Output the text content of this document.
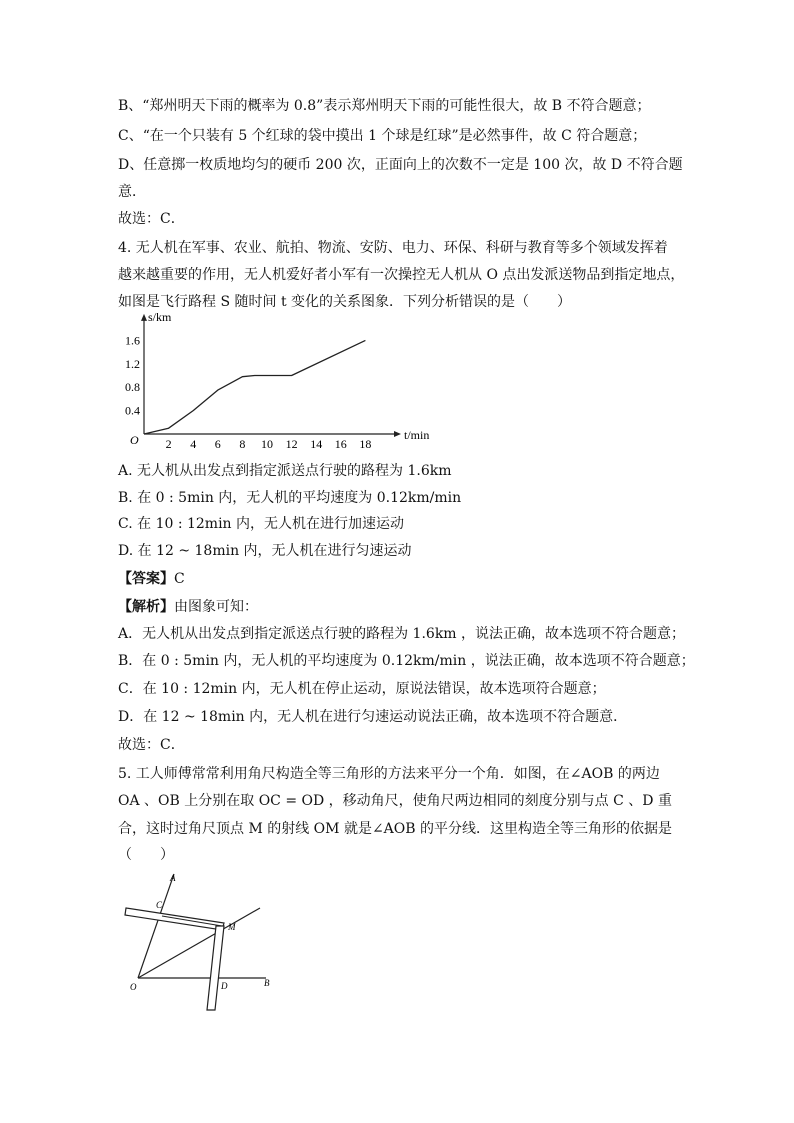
B、“郑州明天下雨的概率为 0.8”表示郑州明天下雨的可能性很大，故 B 不符合题意；
C、“在一个只装有 5 个红球的袋中摸出 1 个球是红球”是必然事件，故 C 符合题意；
D、任意掷一枚质地均匀的硬币 200 次，正面向上的次数不一定是 100 次，故 D 不符合题
意．
故选：C．
4. 无人机在军事、农业、航拍、物流、安防、电力、环保、科研与教育等多个领域发挥着
越来越重要的作用，无人机爱好者小军有一次操控无人机从 O 点出发派送物品到指定地点，
如图是飞行路程 S 随时间 t 变化的关系图象．下列分析错误的是（　　）
O
s/km
t/min
2 4 6 8 10 12 14 16 18
0.4
0.8
1.2
1.6
A. 无人机从出发点到指定派送点行驶的路程为 1.6km
B. 在 0 : 5min 内，无人机的平均速度为 0.12km/min
C. 在 10 : 12min 内，无人机在进行加速运动
D. 在 12 ~ 18min 内，无人机在进行匀速运动
【答案】C
【解析】由图象可知：
A．无人机从出发点到指定派送点行驶的路程为 1.6km ，说法正确，故本选项不符合题意；
B．在 0 : 5min 内，无人机的平均速度为 0.12km/min ，说法正确，故本选项不符合题意；
C．在 10 : 12min 内，无人机在停止运动，原说法错误，故本选项符合题意；
D．在 12 ~ 18min 内，无人机在进行匀速运动说法正确，故本选项不符合题意．
故选：C．
5. 工人师傅常常利用角尺构造全等三角形的方法来平分一个角．如图，在∠AOB 的两边
OA 、OB 上分别在取 OC = OD ，移动角尺，使角尺两边相同的刻度分别与点 C 、D 重
合，这时过角尺顶点 M 的射线 OM 就是∠AOB 的平分线．这里构造全等三角形的依据是
（　　）
A
C
M
O	D	B
